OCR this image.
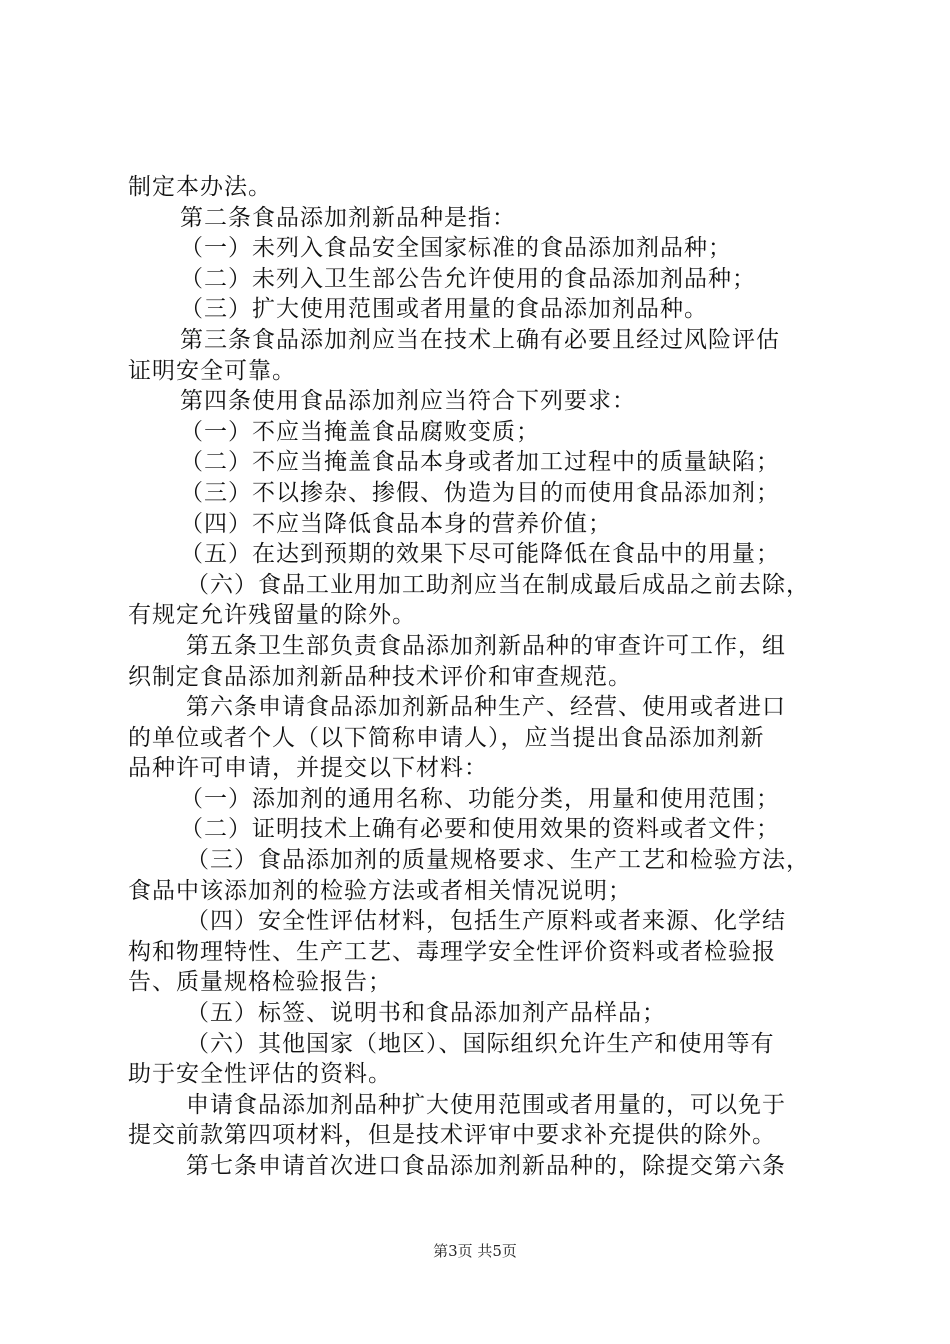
制定本办法。

第二条食品添加剂新品种是指：

（一）未列入食品安全国家标准的食品添加剂品种；

（二）未列入卫生部公告允许使用的食品添加剂品种；

（三）扩大使用范围或者用量的食品添加剂品种。

第三条食品添加剂应当在技术上确有必要且经过风险评估

证明安全可靠。

第四条使用食品添加剂应当符合下列要求：

（一）不应当掩盖食品腐败变质；

（二）不应当掩盖食品本身或者加工过程中的质量缺陷；

（三）不以掺杂、掺假、伪造为目的而使用食品添加剂；

（四）不应当降低食品本身的营养价值；

（五）在达到预期的效果下尽可能降低在食品中的用量；

（六）食品工业用加工助剂应当在制成最后成品之前去除，

有规定允许残留量的除外。

第五条卫生部负责食品添加剂新品种的审查许可工作，组

织制定食品添加剂新品种技术评价和审查规范。

第六条申请食品添加剂新品种生产、经营、使用或者进口

的单位或者个人（以下简称申请人），应当提出食品添加剂新

品种许可申请，并提交以下材料：

（一）添加剂的通用名称、功能分类，用量和使用范围；

（二）证明技术上确有必要和使用效果的资料或者文件；

（三）食品添加剂的质量规格要求、生产工艺和检验方法，

食品中该添加剂的检验方法或者相关情况说明；

（四）安全性评估材料，包括生产原料或者来源、化学结

构和物理特性、生产工艺、毒理学安全性评价资料或者检验报

告、质量规格检验报告；

（五）标签、说明书和食品添加剂产品样品；

（六）其他国家（地区）、国际组织允许生产和使用等有

助于安全性评估的资料。

申请食品添加剂品种扩大使用范围或者用量的，可以免于

提交前款第四项材料，但是技术评审中要求补充提供的除外。

第七条申请首次进口食品添加剂新品种的，除提交第六条

第3页 共5页
